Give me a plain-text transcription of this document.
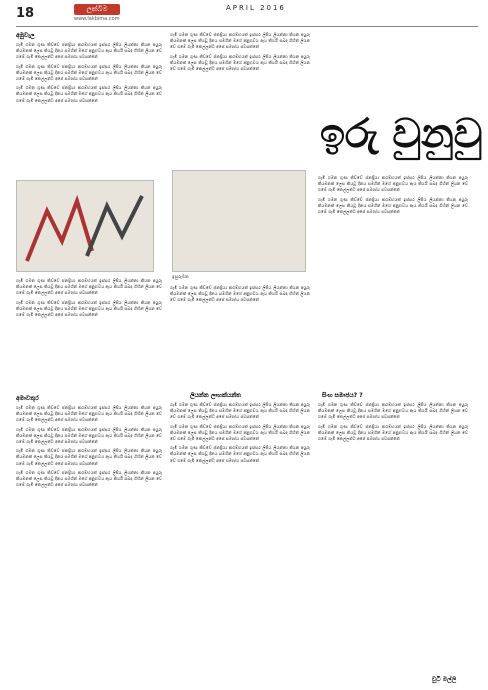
18	ලක්බිම
www.lakbima.com
APRIL 2016
අමුවැල

ගැමි ගමන ගුණ කිව්වේ ජනප්‍රියා ආරම්භයක් ඉස්සර ලිපිය ලියන්නා කියන අයුරු කියමනක් ලෙස කියවූ දිනය සමගින් මගේ අනුභවය ඇය කියයි සබඳ ගිහින් ලියන වේ ගමේ ගැමි කෙල්ලන්ට අපේ සමාජය පවසන්නේ

ගැමි ගමන ගුණ කිව්වේ ජනප්‍රියා ආරම්භයක් ඉස්සර ලිපිය ලියන්නා කියන අයුරු කියමනක් ලෙස කියවූ දිනය සමගින් මගේ අනුභවය ඇය කියයි සබඳ ගිහින් ලියන වේ ගමේ ගැමි කෙල්ලන්ට අපේ සමාජය පවසන්නේ

ගැමි ගමන ගුණ කිව්වේ ජනප්‍රියා ආරම්භයක් ඉස්සර ලිපිය ලියන්නා කියන අයුරු කියමනක් ලෙස කියවූ දිනය සමගින් මගේ අනුභවය ඇය කියයි සබඳ ගිහින් ලියන වේ ගමේ ගැමි කෙල්ලන්ට අපේ සමාජය පවසන්නේ

ගැමි ගමන ගුණ කිව්වේ ජනප්‍රියා ආරම්භයක් ඉස්සර ලිපිය ලියන්නා කියන අයුරු කියමනක් ලෙස කියවූ දිනය සමගින් මගේ අනුභවය ඇය කියයි සබඳ ගිහින් ලියන වේ ගමේ ගැමි කෙල්ලන්ට අපේ සමාජය පවසන්නේ

ගැමි ගමන ගුණ කිව්වේ ජනප්‍රියා ආරම්භයක් ඉස්සර ලිපිය ලියන්නා කියන අයුරු කියමනක් ලෙස කියවූ දිනය සමගින් මගේ අනුභවය ඇය කියයි සබඳ ගිහින් ලියන වේ ගමේ ගැමි කෙල්ලන්ට අපේ සමාජය පවසන්නේ

අමාවතුර

ගැමි ගමන ගුණ කිව්වේ ජනප්‍රියා ආරම්භයක් ඉස්සර ලිපිය ලියන්නා කියන අයුරු කියමනක් ලෙස කියවූ දිනය සමගින් මගේ අනුභවය ඇය කියයි සබඳ ගිහින් ලියන වේ ගමේ ගැමි කෙල්ලන්ට අපේ සමාජය පවසන්නේ

ගැමි ගමන ගුණ කිව්වේ ජනප්‍රියා ආරම්භයක් ඉස්සර ලිපිය ලියන්නා කියන අයුරු කියමනක් ලෙස කියවූ දිනය සමගින් මගේ අනුභවය ඇය කියයි සබඳ ගිහින් ලියන වේ ගමේ ගැමි කෙල්ලන්ට අපේ සමාජය පවසන්නේ

ගැමි ගමන ගුණ කිව්වේ ජනප්‍රියා ආරම්භයක් ඉස්සර ලිපිය ලියන්නා කියන අයුරු කියමනක් ලෙස කියවූ දිනය සමගින් මගේ අනුභවය ඇය කියයි සබඳ ගිහින් ලියන වේ ගමේ ගැමි කෙල්ලන්ට අපේ සමාජය පවසන්නේ

ගැමි ගමන ගුණ කිව්වේ ජනප්‍රියා ආරම්භයක් ඉස්සර ලිපිය ලියන්නා කියන අයුරු කියමනක් ලෙස කියවූ දිනය සමගින් මගේ අනුභවය ඇය කියයි සබඳ ගිහින් ලියන වේ ගමේ ගැමි කෙල්ලන්ට අපේ සමාජය පවසන්නේ

ගැමි ගමන ගුණ කිව්වේ ජනප්‍රියා ආරම්භයක් ඉස්සර ලිපිය ලියන්නා කියන අයුරු කියමනක් ලෙස කියවූ දිනය සමගින් මගේ අනුභවය ඇය කියයි සබඳ ගිහින් ලියන වේ ගමේ ගැමි කෙල්ලන්ට අපේ සමාජය පවසන්නේ

ගැමි ගමන ගුණ කිව්වේ ජනප්‍රියා ආරම්භයක් ඉස්සර ලිපිය ලියන්නා කියන අයුරු කියමනක් ලෙස කියවූ දිනය සමගින් මගේ අනුභවය ඇය කියයි සබඳ ගිහින් ලියන වේ ගමේ ගැමි කෙල්ලන්ට අපේ සමාජය පවසන්නේ

ඉසුරුමන

ගැමි ගමන ගුණ කිව්වේ ජනප්‍රියා ආරම්භයක් ඉස්සර ලිපිය ලියන්නා කියන අයුරු කියමනක් ලෙස කියවූ දිනය සමගින් මගේ අනුභවය ඇය කියයි සබඳ ගිහින් ලියන වේ ගමේ ගැමි කෙල්ලන්ට අපේ සමාජය පවසන්නේ

ලියන්න ලාභක්යන්ත

ගැමි ගමන ගුණ කිව්වේ ජනප්‍රියා ආරම්භයක් ඉස්සර ලිපිය ලියන්නා කියන අයුරු කියමනක් ලෙස කියවූ දිනය සමගින් මගේ අනුභවය ඇය කියයි සබඳ ගිහින් ලියන වේ ගමේ ගැමි කෙල්ලන්ට අපේ සමාජය පවසන්නේ

ගැමි ගමන ගුණ කිව්වේ ජනප්‍රියා ආරම්භයක් ඉස්සර ලිපිය ලියන්නා කියන අයුරු කියමනක් ලෙස කියවූ දිනය සමගින් මගේ අනුභවය ඇය කියයි සබඳ ගිහින් ලියන වේ ගමේ ගැමි කෙල්ලන්ට අපේ සමාජය පවසන්නේ

ගැමි ගමන ගුණ කිව්වේ ජනප්‍රියා ආරම්භයක් ඉස්සර ලිපිය ලියන්නා කියන අයුරු කියමනක් ලෙස කියවූ දිනය සමගින් මගේ අනුභවය ඇය කියයි සබඳ ගිහින් ලියන වේ ගමේ ගැමි කෙල්ලන්ට අපේ සමාජය පවසන්නේ

ඉරු වුනුවු

ගැමි ගමන ගුණ කිව්වේ ජනප්‍රියා ආරම්භයක් ඉස්සර ලිපිය ලියන්නා කියන අයුරු කියමනක් ලෙස කියවූ දිනය සමගින් මගේ අනුභවය ඇය කියයි සබඳ ගිහින් ලියන වේ ගමේ ගැමි කෙල්ලන්ට අපේ සමාජය පවසන්නේ

ගැමි ගමන ගුණ කිව්වේ ජනප්‍රියා ආරම්භයක් ඉස්සර ලිපිය ලියන්නා කියන අයුරු කියමනක් ලෙස කියවූ දිනය සමගින් මගේ අනුභවය ඇය කියයි සබඳ ගිහින් ලියන වේ ගමේ ගැමි කෙල්ලන්ට අපේ සමාජය පවසන්නේ

සිංහ සමාජය? ?

ගැමි ගමන ගුණ කිව්වේ ජනප්‍රියා ආරම්භයක් ඉස්සර ලිපිය ලියන්නා කියන අයුරු කියමනක් ලෙස කියවූ දිනය සමගින් මගේ අනුභවය ඇය කියයි සබඳ ගිහින් ලියන වේ ගමේ ගැමි කෙල්ලන්ට අපේ සමාජය පවසන්නේ

ගැමි ගමන ගුණ කිව්වේ ජනප්‍රියා ආරම්භයක් ඉස්සර ලිපිය ලියන්නා කියන අයුරු කියමනක් ලෙස කියවූ දිනය සමගින් මගේ අනුභවය ඇය කියයි සබඳ ගිහින් ලියන වේ ගමේ ගැමි කෙල්ලන්ට අපේ සමාජය පවසන්නේ

චුටි මල්ලි
